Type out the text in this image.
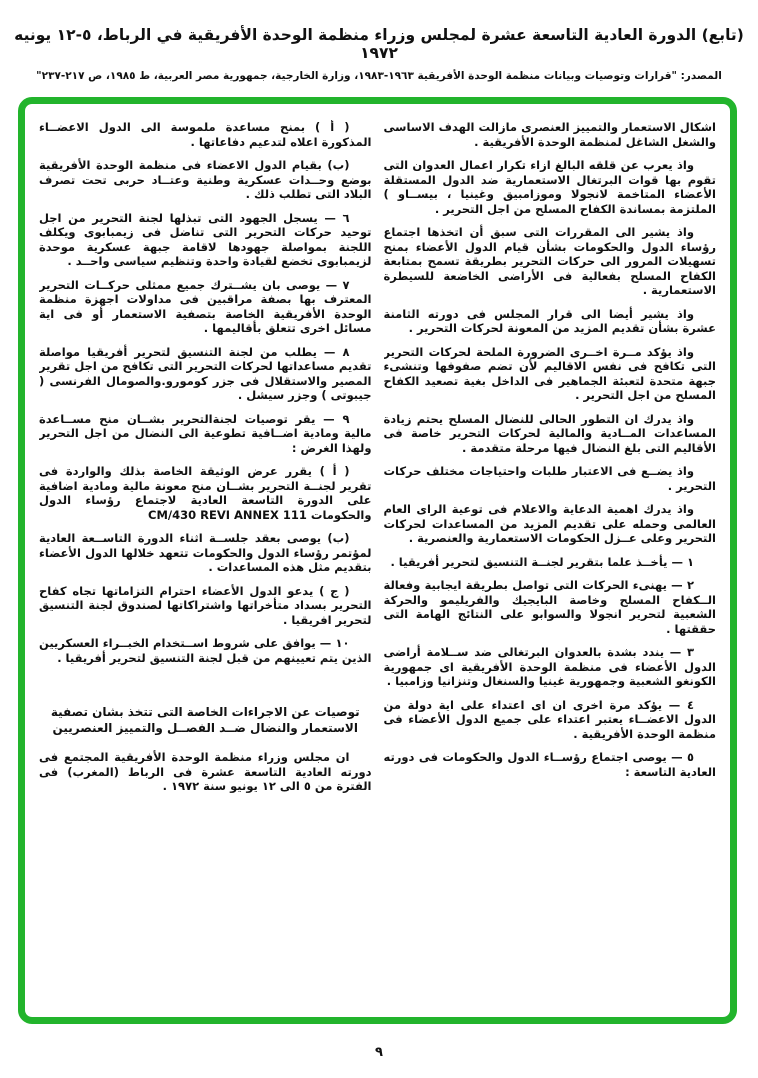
(تابع) الدورة العادية التاسعة عشرة لمجلس وزراء منظمة الوحدة الأفريقية في الرباط، ٥-١٢ يونيه ١٩٧٢
المصدر: "قرارات وتوصيات وبيانات منظمة الوحدة الأفريقية ١٩٦٣-١٩٨٣، وزارة الخارجية، جمهورية مصر العربية، ط ١٩٨٥، ص ٢١٧-٢٣٧"

اشكال الاستعمار والتمييز العنصرى مازالت الهدف الاساسى والشغل الشاغل لمنظمة الوحدة الأفريقية .

واذ يعرب عن قلقه البالغ ازاء تكرار اعمال العدوان التى تقوم بها قوات البرتغال الاستعمارية ضد الدول المستقلة الأعضاء المتاخمة لانجولا وموزامبيق وغينيا ، بيســاو ) الملتزمة بمساندة الكفاح المسلح من اجل التحرير .

واذ يشير الى المقررات التى سبق أن اتخذها اجتماع رؤساء الدول والحكومات بشأن قيام الدول الأعضاء بمنح تسهيلات المرور الى حركات التحرير بطريقة تسمح بمتابعة الكفاح المسلح بفعالية فى الأراضى الخاضعة للسيطرة الاستعمارية .

واذ يشير أيضا الى قرار المجلس فى دورته الثامنة عشرة بشأن تقديم المزيد من المعونة لحركات التحرير .

واذ يؤكد مــرة اخــرى الضرورة الملحة لحركات التحرير التى تكافح فى نفس الاقاليم لأن تضم صفوفها وتنشىء جبهة متحدة لتعبئة الجماهير فى الداخل بغية تصعيد الكفاح المسلح من اجل التحرير .

واذ يدرك ان التطور الحالى للنضال المسلح يحتم زيادة المساعدات المــادية والمالية لحركات التحرير خاصة فى الأقاليم التى بلغ النضال فيها مرحلة متقدمة .

واذ يضــع فى الاعتبار طلبات واحتياجات مختلف حركات التحرير .

واذ يدرك اهمية الدعاية والاعلام فى توعية الراى العام العالمى وحمله على تقديم المزيد من المساعدات لحركات التحرير وعلى عــزل الحكومات الاستعمارية والعنصرية .

١ — يأخــذ علما بتقرير لجنــة التنسيق لتحرير أفريقيا .

٢ — يهنىء الحركات التى تواصل بطريقة ايجابية وفعالة الــكفاح المسلح وخاصة البايجيك والفريليمو والحركة الشعبية لتحرير انجولا والسوابو على النتائج الهامة التى حققتها .

٣ — يندد بشدة بالعدوان البرتغالى ضد ســلامة أراضى الدول الأعضاء فى منظمة الوحدة الأفريقية اى جمهورية الكونغو الشعبية وجمهورية غينيا والسنغال وتنزانيا وزامبيا .

٤ — يؤكد مرة اخرى ان اى اعتداء على اية دولة من الدول الاعضــاء يعتبر اعتداء على جميع الدول الأعضاء فى منظمة الوحدة الأفريقية .

٥ — يوصى اجتماع رؤســاء الدول والحكومات فى دورته العادية التاسعة :

( أ ) بمنح مساعدة ملموسة الى الدول الاعضــاء المذكورة اعلاه لتدعيم دفاعاتها .

(ب) بقيام الدول الاعضاء فى منظمة الوحدة الأفريقية بوضع وحــدات عسكرية وطنية وعتــاد حربى تحت تصرف البلاد التى تطلب ذلك .

٦ — يسجل الجهود التى تبذلها لجنة التحرير من اجل توحيد حركات التحرير التى تناضل فى زيمبابوى ويكلف اللجنة بمواصلة جهودها لاقامة جبهة عسكرية موحدة لزيمبابوى تخضع لقيادة واحدة وتنظيم سياسى واحــد .

٧ — يوصى بان يشــترك جميع ممثلى حركــات التحرير المعترف بها بصفة مراقبين فى مداولات اجهزة منظمة الوحدة الأفريقية الخاصة بتصفية الاستعمار أو فى اية مسائل اخرى تتعلق بأقاليمها .

٨ — يطلب من لجنة التنسيق لتحرير أفريقيا مواصلة تقديم مساعداتها لحركات التحرير التى تكافح من اجل تقرير المصير والاستقلال فى جزر كومورو.والصومال الفرنسى ( جيبوتى ) وجزر سيشل .

٩ — يقر توصيات لجنةالتحرير بشــان منح مســاعدة مالية ومادية اضــافية تطوعية الى النضال من اجل التحرير ولهذا الغرض :

( أ ) يقرر عرض الوثيقة الخاصة بذلك والواردة فى تقرير لجنــة التحرير بشــان منح معونة مالية ومادية اضافية على الدورة التاسعة العادية لاجتماع رؤساء الدول والحكومات CM/430 REVI ANNEX 111

(ب) يوصى بعقد جلســة اثناء الدورة التاســعة العادية لمؤتمر رؤساء الدول والحكومات تتعهد خلالها الدول الأعضاء بتقديم مثل هذه المساعدات .

( ج ) يدعو الدول الأعضاء احترام التزاماتها تجاه كفاح التحرير بسداد متأخراتها واشتراكاتها لصندوق لجنة التنسيق لتحرير افريقيا .

١٠ — يوافق على شروط اســتخدام الخبــراء العسكريين الذين يتم تعيينهم من قبل لجنة التنسيق لتحرير أفريقيا .

توصيات عن الاجراءات الخاصة التى تتخذ بشان تصفية الاستعمار والنضال ضــد الفصــل والتمييز العنصريين

ان مجلس وزراء منظمة الوحدة الأفريقية المجتمع فى دورته العادية التاسعة عشرة فى الرباط (المغرب) فى الفترة من ٥ الى ١٢ يونيو سنة ١٩٧٢ .

٩
